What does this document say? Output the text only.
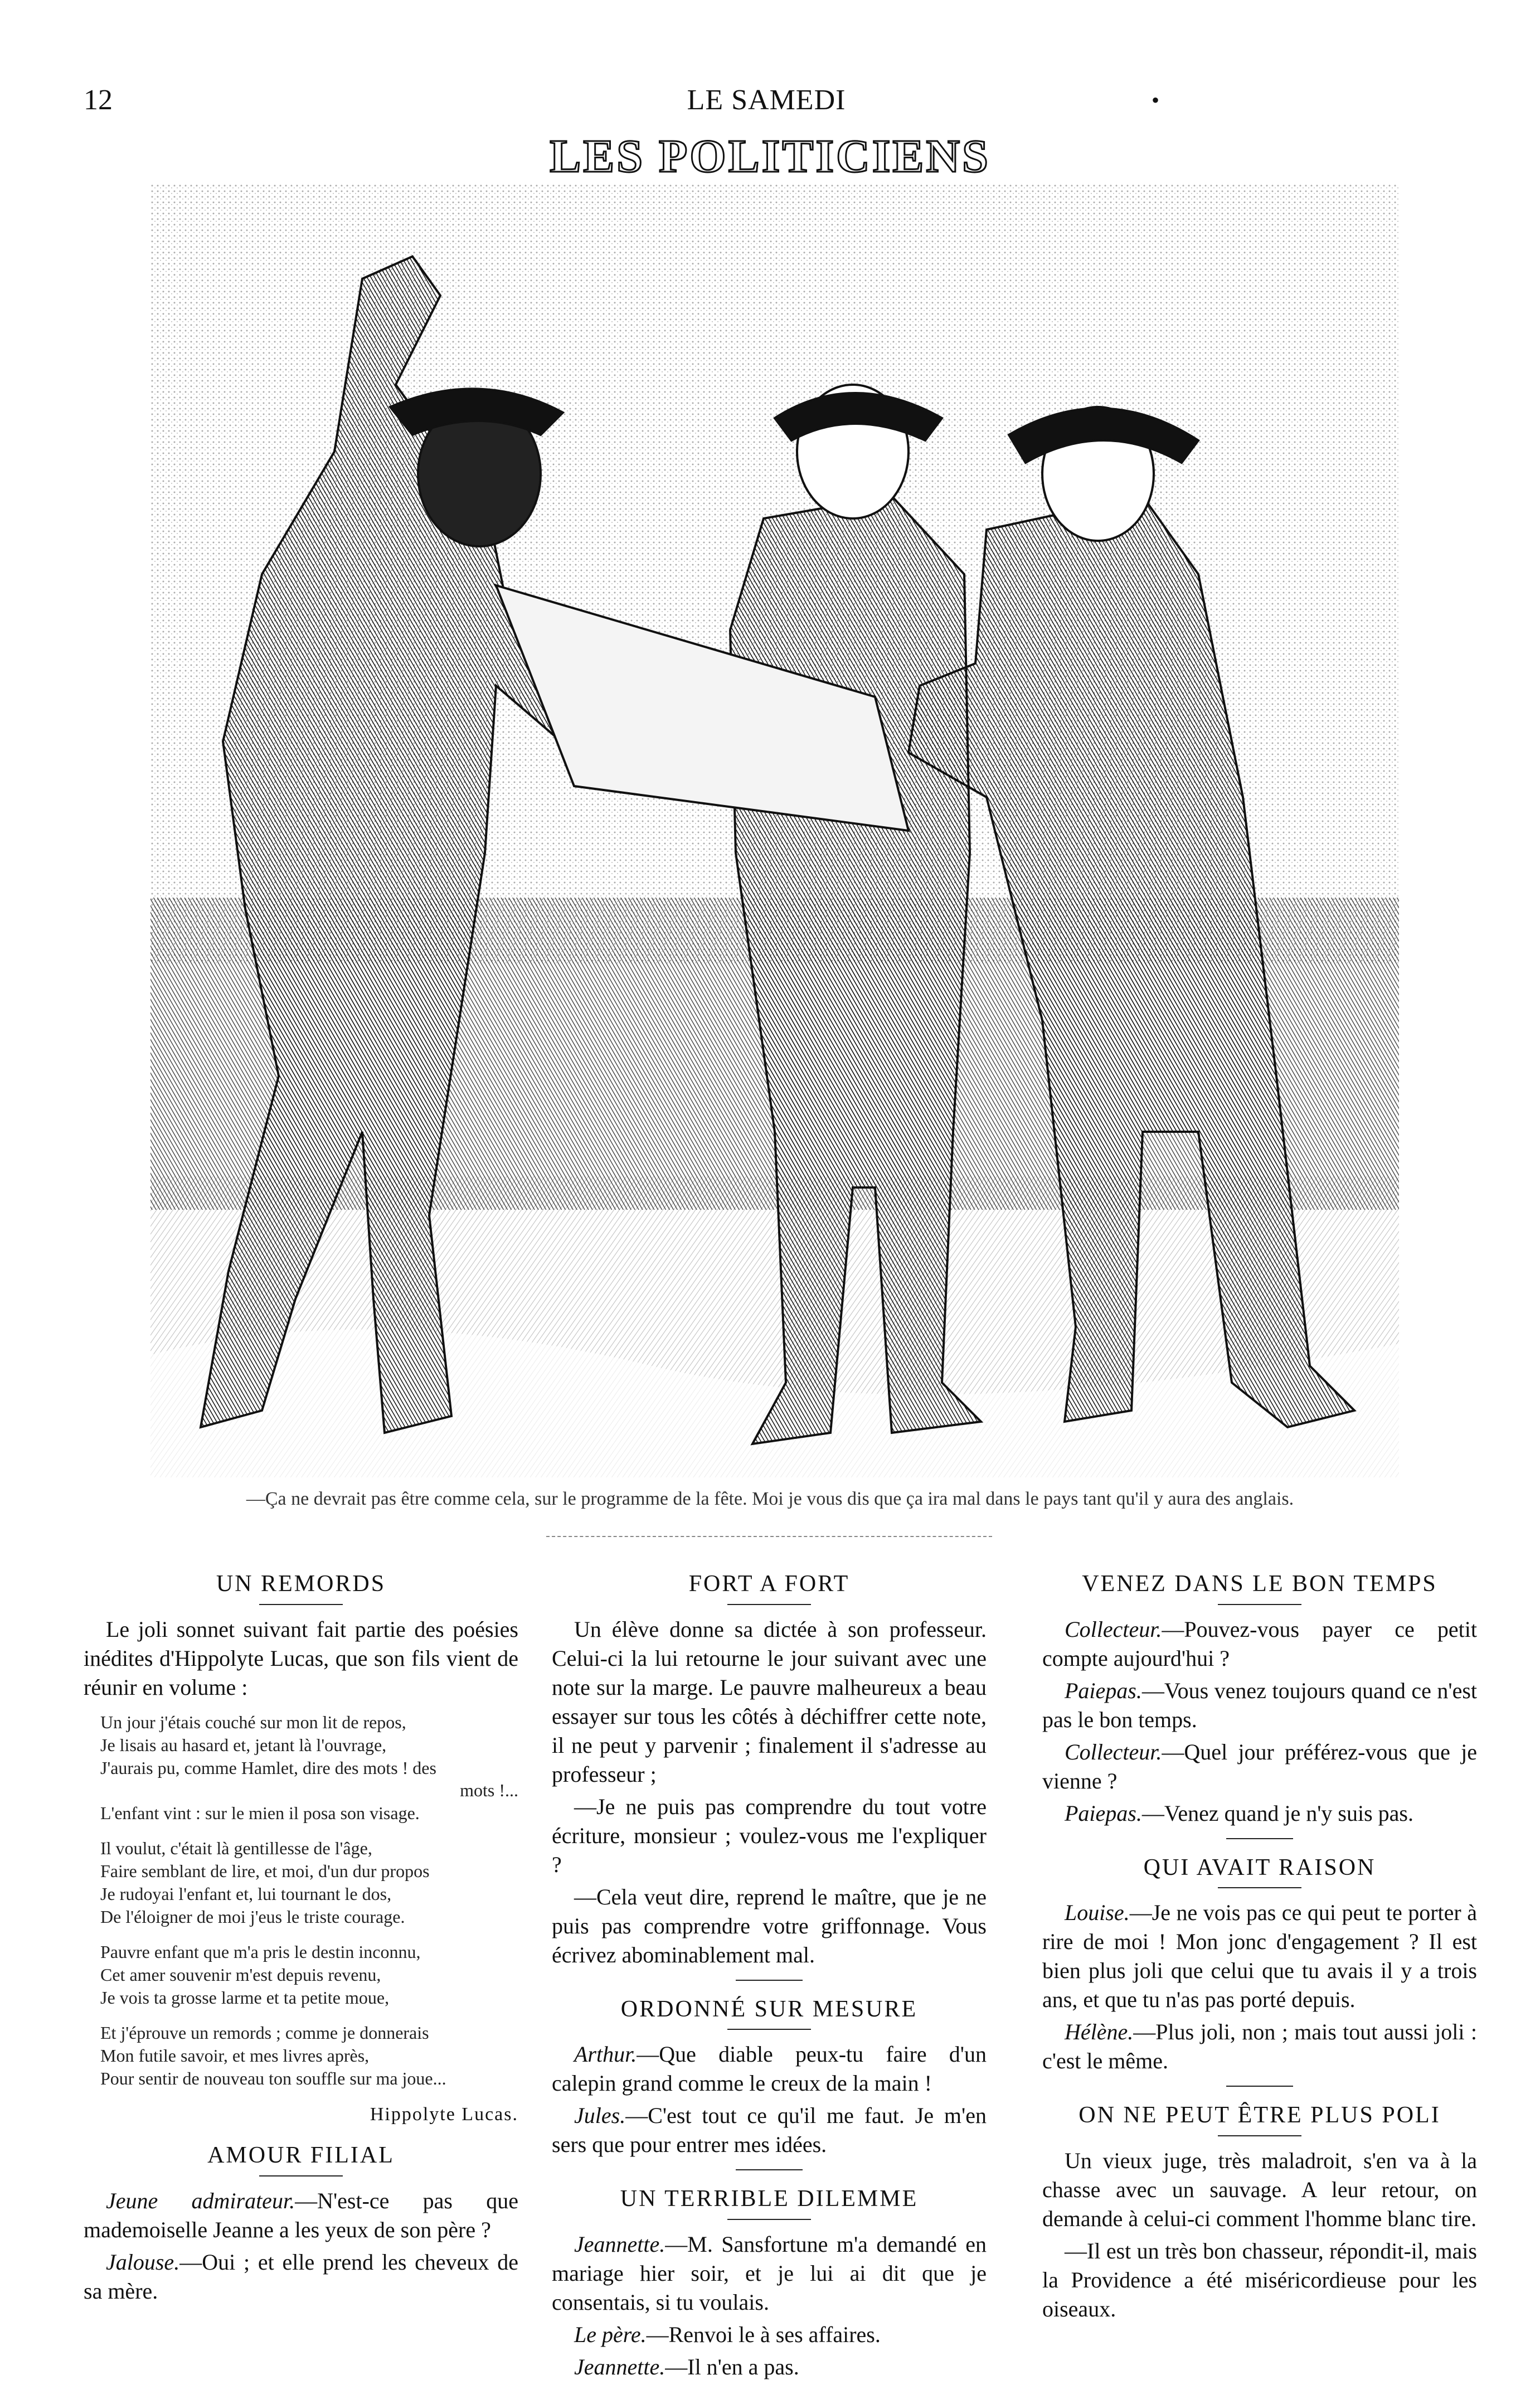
12	LE SAMEDI	•
LES POLITICIENS
—Ça ne devrait pas être comme cela, sur le programme de la fête. Moi je vous dis que ça ira mal dans le pays tant qu'il y aura des anglais.
UN REMORDS

Le joli sonnet suivant fait partie des poésies inédites d'Hippolyte Lucas, que son fils vient de réunir en volume :

Un jour j'étais couché sur mon lit de repos,
Je lisais au hasard et, jetant là l'ouvrage,
J'aurais pu, comme Hamlet, dire des mots ! des
mots !...
L'enfant vint : sur le mien il posa son visage.
Il voulut, c'était là gentillesse de l'âge,
Faire semblant de lire, et moi, d'un dur propos
Je rudoyai l'enfant et, lui tournant le dos,
De l'éloigner de moi j'eus le triste courage.
Pauvre enfant que m'a pris le destin inconnu,
Cet amer souvenir m'est depuis revenu,
Je vois ta grosse larme et ta petite moue,
Et j'éprouve un remords ; comme je donnerais
Mon futile savoir, et mes livres après,
Pour sentir de nouveau ton souffle sur ma joue...
Hippolyte Lucas.
AMOUR FILIAL

Jeune admirateur.—N'est-ce pas que mademoiselle Jeanne a les yeux de son père ?

Jalouse.—Oui ; et elle prend les cheveux de sa mère.

FORT A FORT

Un élève donne sa dictée à son professeur. Celui-ci la lui retourne le jour suivant avec une note sur la marge. Le pauvre malheureux a beau essayer sur tous les côtés à déchiffrer cette note, il ne peut y parvenir ; finalement il s'adresse au professeur ;

—Je ne puis pas comprendre du tout votre écriture, monsieur ; voulez-vous me l'expliquer ?

—Cela veut dire, reprend le maître, que je ne puis pas comprendre votre griffonnage. Vous écrivez abominablement mal.

ORDONNÉ SUR MESURE

Arthur.—Que diable peux-tu faire d'un calepin grand comme le creux de la main !

Jules.—C'est tout ce qu'il me faut. Je m'en sers que pour entrer mes idées.

UN TERRIBLE DILEMME

Jeannette.—M. Sansfortune m'a demandé en mariage hier soir, et je lui ai dit que je consentais, si tu voulais.

Le père.—Renvoi le à ses affaires.

Jeannette.—Il n'en a pas.

VENEZ DANS LE BON TEMPS

Collecteur.—Pouvez-vous payer ce petit compte aujourd'hui ?

Paiepas.—Vous venez toujours quand ce n'est pas le bon temps.

Collecteur.—Quel jour préférez-vous que je vienne ?

Paiepas.—Venez quand je n'y suis pas.

QUI AVAIT RAISON

Louise.—Je ne vois pas ce qui peut te porter à rire de moi ! Mon jonc d'engagement ? Il est bien plus joli que celui que tu avais il y a trois ans, et que tu n'as pas porté depuis.

Hélène.—Plus joli, non ; mais tout aussi joli : c'est le même.

ON NE PEUT ÊTRE PLUS POLI

Un vieux juge, très maladroit, s'en va à la chasse avec un sauvage. A leur retour, on demande à celui-ci comment l'homme blanc tire.

—Il est un très bon chasseur, répondit-il, mais la Providence a été miséricordieuse pour les oiseaux.
